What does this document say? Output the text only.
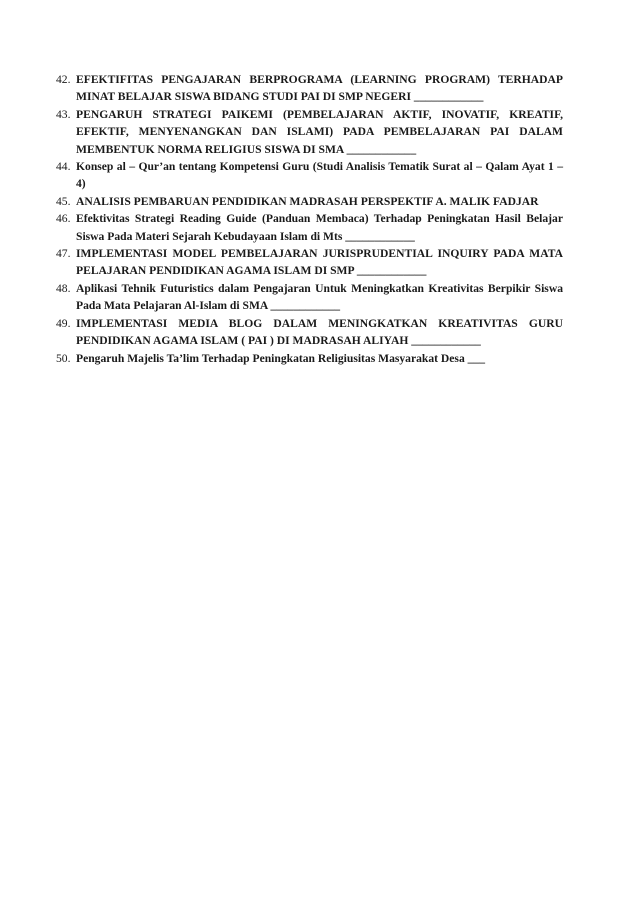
42. EFEKTIFITAS PENGAJARAN BERPROGRAMA (LEARNING PROGRAM) TERHADAP MINAT BELAJAR SISWA BIDANG STUDI PAI DI SMP NEGERI ____________
43. PENGARUH STRATEGI PAIKEMI (PEMBELAJARAN AKTIF, INOVATIF, KREATIF, EFEKTIF, MENYENANGKAN DAN ISLAMI) PADA PEMBELAJARAN PAI DALAM MEMBENTUK NORMA RELIGIUS SISWA DI SMA ____________
44. Konsep al – Qur’an tentang Kompetensi Guru (Studi Analisis Tematik Surat al – Qalam Ayat 1 – 4)
45. ANALISIS PEMBARUAN PENDIDIKAN MADRASAH PERSPEKTIF A. MALIK FADJAR
46. Efektivitas Strategi Reading Guide (Panduan Membaca) Terhadap Peningkatan Hasil Belajar Siswa Pada Materi Sejarah Kebudayaan Islam di Mts ____________
47. IMPLEMENTASI MODEL PEMBELAJARAN JURISPRUDENTIAL INQUIRY PADA MATA PELAJARAN PENDIDIKAN AGAMA ISLAM DI SMP ____________
48. Aplikasi Tehnik Futuristics dalam Pengajaran Untuk Meningkatkan Kreativitas Berpikir Siswa Pada Mata Pelajaran Al-Islam di SMA ____________
49. IMPLEMENTASI MEDIA BLOG DALAM MENINGKATKAN KREATIVITAS GURU PENDIDIKAN AGAMA ISLAM ( PAI ) DI MADRASAH ALIYAH ____________
50. Pengaruh Majelis Ta’lim Terhadap Peningkatan Religiusitas Masyarakat Desa ___
